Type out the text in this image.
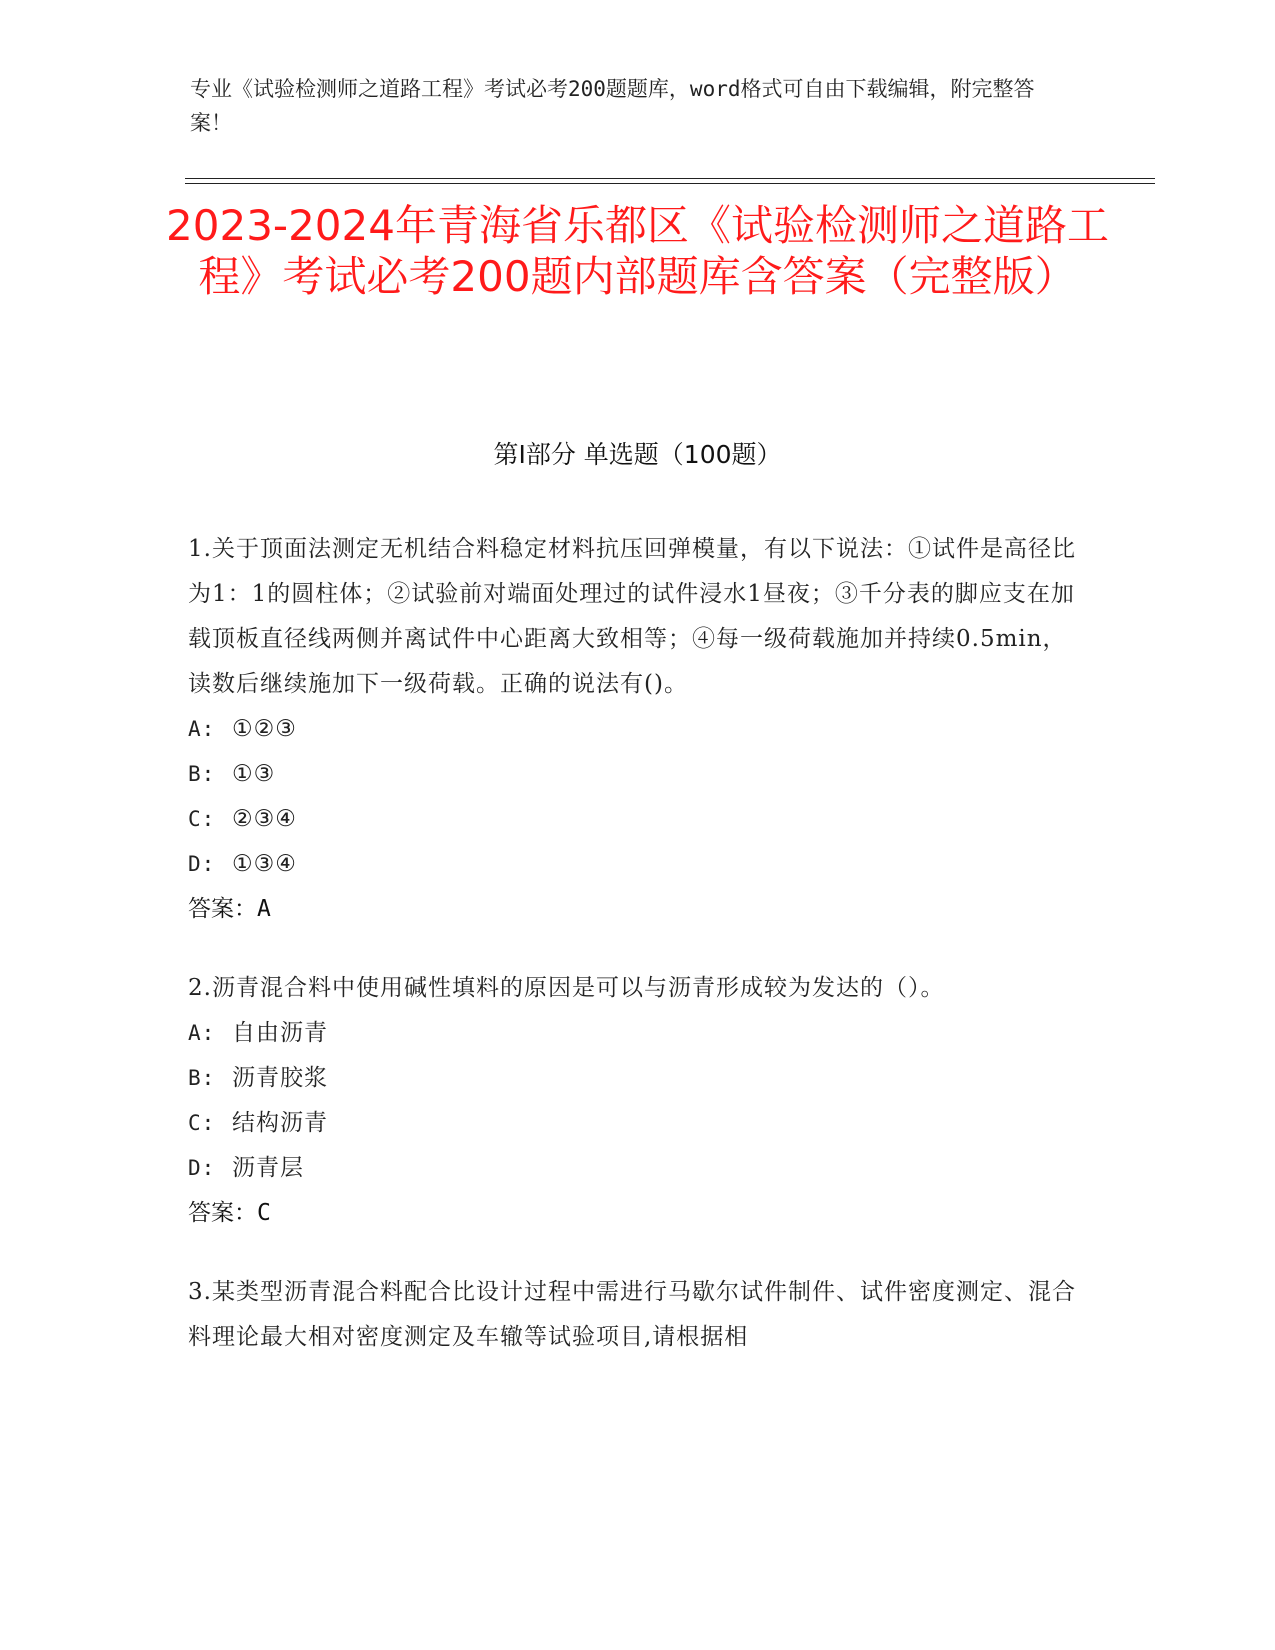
专业《试验检测师之道路工程》考试必考200题题库，word格式可自由下载编辑，附完整答案！
2023-2024年青海省乐都区《试验检测师之道路工程》考试必考200题内部题库含答案（完整版）
第Ⅰ部分 单选题（100题）
1.关于顶面法测定无机结合料稳定材料抗压回弹模量，有以下说法：①试件是高径比为1：1的圆柱体；②试验前对端面处理过的试件浸水1昼夜；③千分表的脚应支在加载顶板直径线两侧并离试件中心距离大致相等；④每一级荷载施加并持续0.5min，读数后继续施加下一级荷载。正确的说法有()。
A: ①②③
B: ①③
C: ②③④
D: ①③④
答案：A
2.沥青混合料中使用碱性填料的原因是可以与沥青形成较为发达的（）。
A: 自由沥青
B: 沥青胶浆
C: 结构沥青
D: 沥青层
答案：C
3.某类型沥青混合料配合比设计过程中需进行马歇尔试件制件、试件密度测定、混合料理论最大相对密度测定及车辙等试验项目,请根据相
